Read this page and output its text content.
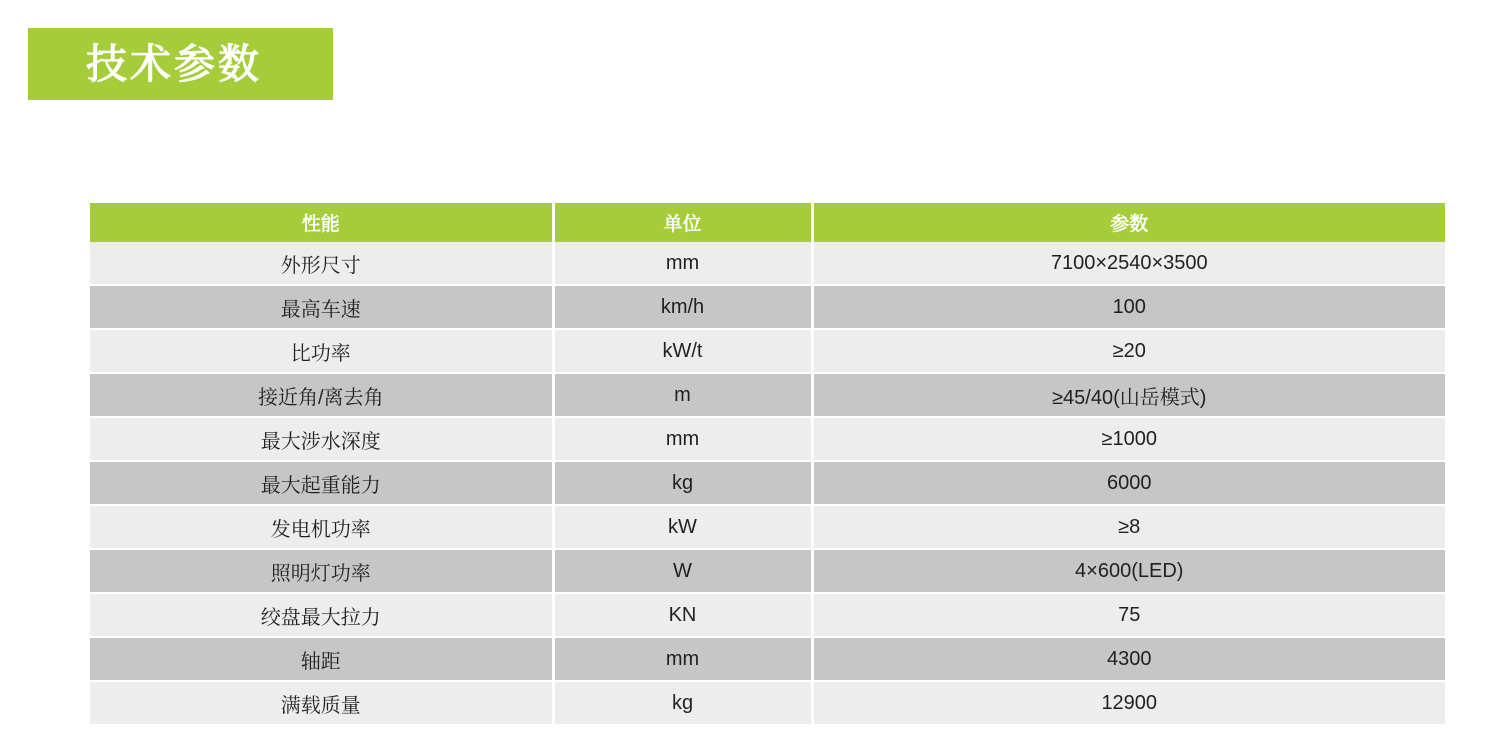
技术参数
性能	单位	参数
外形尺寸	mm	7100×2540×3500
最高车速	km/h	100
比功率	kW/t	≥20
接近角/离去角	m	≥45/40(山岳模式)
最大涉水深度	mm	≥1000
最大起重能力	kg	6000
发电机功率	kW	≥8
照明灯功率	W	4×600(LED)
绞盘最大拉力	KN	75
轴距	mm	4300
满载质量	kg	12900
